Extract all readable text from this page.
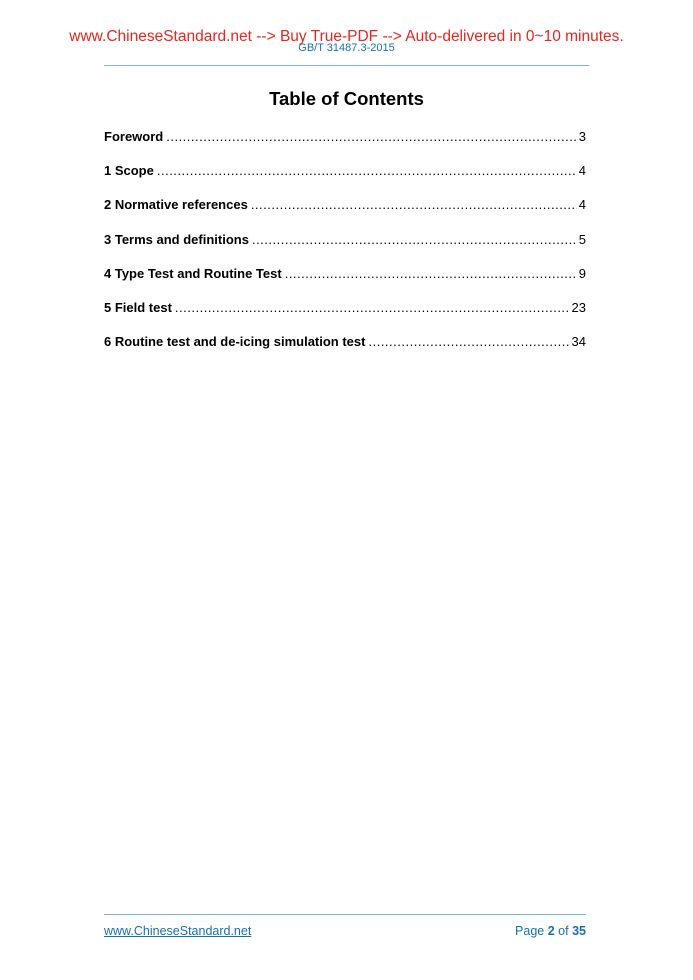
www.ChineseStandard.net --> Buy True-PDF --> Auto-delivered in 0~10 minutes.
GB/T 31487.3-2015
Table of Contents
Foreword .....	3
1 Scope .....	4
2 Normative references .....	4
3 Terms and definitions .....	5
4 Type Test and Routine Test .....	9
5 Field test .....	23
6 Routine test and de-icing simulation test .....	34
www.ChineseStandard.net	Page 2 of 35
